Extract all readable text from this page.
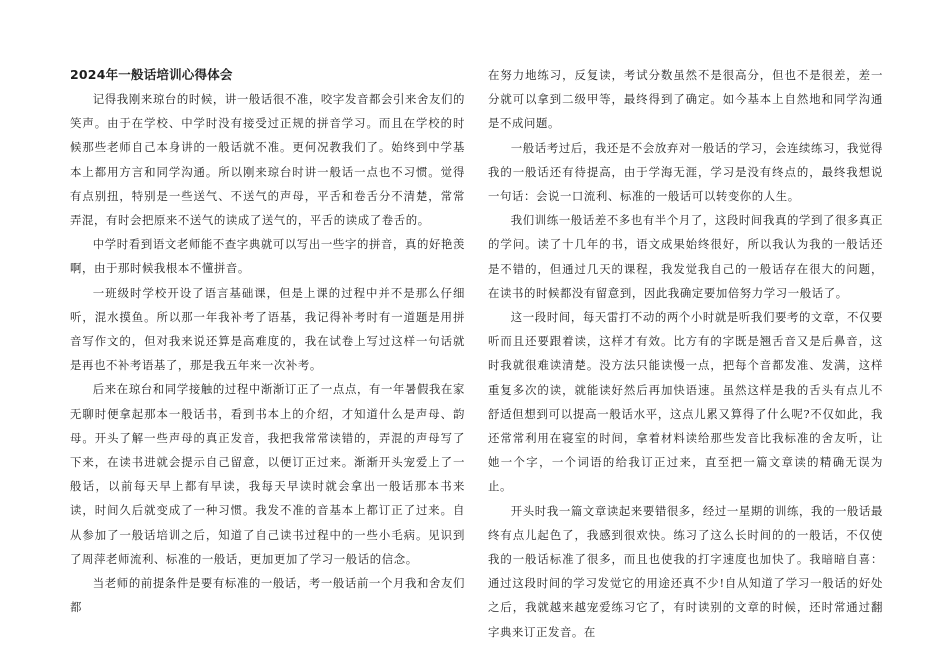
2024年一般话培训心得体会

记得我刚来琼台的时候，讲一般话很不准，咬字发音都会引来舍友们的笑声。由于在学校、中学时没有接受过正规的拼音学习。而且在学校的时候那些老师自己本身讲的一般话就不准。更何况教我们了。始终到中学基本上都用方言和同学沟通。所以刚来琼台时讲一般话一点也不习惯。觉得有点别扭，特别是一些送气、不送气的声母，平舌和卷舌分不清楚，常常弄混，有时会把原来不送气的读成了送气的，平舌的读成了卷舌的。

中学时看到语文老师能不查字典就可以写出一些字的拼音，真的好艳羡啊，由于那时候我根本不懂拼音。

一班级时学校开设了语言基础课，但是上课的过程中并不是那么仔细听，混水摸鱼。所以那一年我补考了语基，我记得补考时有一道题是用拼音写作文的，但对我来说还算是高难度的，我在试卷上写过这样一句话就是再也不补考语基了，那是我五年来一次补考。

后来在琼台和同学接触的过程中渐渐订正了一点点，有一年暑假我在家无聊时便拿起那本一般话书，看到书本上的介绍，才知道什么是声母、韵母。开头了解一些声母的真正发音，我把我常常读错的，弄混的声母写了下来，在读书进就会提示自己留意，以便订正过来。渐渐开头宠爱上了一般话，以前每天早上都有早读，我每天早读时就会拿出一般话那本书来读，时间久后就变成了一种习惯。我发不准的音基本上都订正了过来。自从参加了一般话培训之后，知道了自己读书过程中的一些小毛病。见识到了周萍老师流利、标准的一般话，更加更加了学习一般话的信念。

当老师的前提条件是要有标准的一般话，考一般话前一个月我和舍友们都

在努力地练习，反复读，考试分数虽然不是很高分，但也不是很差，差一分就可以拿到二级甲等，最终得到了确定。如今基本上自然地和同学沟通是不成问题。

一般话考过后，我还是不会放弃对一般话的学习，会连续练习，我觉得我的一般话还有待提高，由于学海无涯，学习是没有终点的，最终我想说一句话：会说一口流利、标准的一般话可以转变你的人生。

我们训练一般话差不多也有半个月了，这段时间我真的学到了很多真正的学问。读了十几年的书，语文成果始终很好，所以我认为我的一般话还是不错的，但通过几天的课程，我发觉我自己的一般话存在很大的问题，在读书的时候都没有留意到，因此我确定要加倍努力学习一般话了。

这一段时间，每天雷打不动的两个小时就是听我们要考的文章，不仅要听而且还要跟着读，这样才有效。比方有的字既是翘舌音又是后鼻音，这时我就很难读清楚。没方法只能读慢一点，把每个音都发准、发满，这样重复多次的读，就能读好然后再加快语速。虽然这样是我的舌头有点儿不舒适但想到可以提高一般话水平，这点儿累又算得了什么呢?不仅如此，我还常常利用在寝室的时间，拿着材料读给那些发音比我标准的舍友听，让她一个字，一个词语的给我订正过来，直至把一篇文章读的精确无误为止。

开头时我一篇文章读起来要错很多，经过一星期的训练，我的一般话最终有点儿起色了，我感到很欢快。练习了这么长时间的的一般话，不仅使我的一般话标准了很多，而且也使我的打字速度也加快了。我暗暗自喜：通过这段时间的学习发觉它的用途还真不少!自从知道了学习一般话的好处之后，我就越来越宠爱练习它了，有时读别的文章的时候，还时常通过翻字典来订正发音。在
